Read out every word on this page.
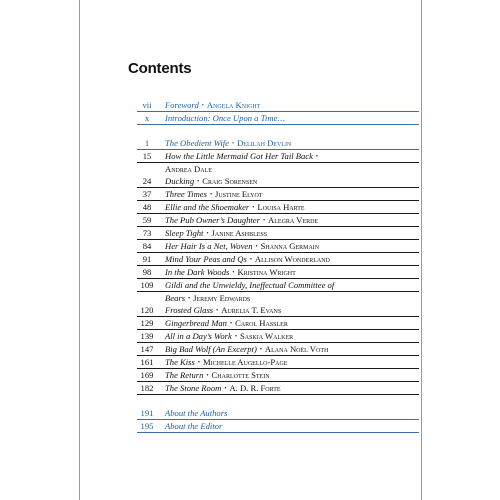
Contents
vii	Foreword • Angela Knight
x	Introduction: Once Upon a Time…
1	The Obedient Wife • Delilah Devlin
15	How the Little Mermaid Got Her Tail Back •
Andrea Dale
24	Ducking • Craig Sorensen
37	Three Times • Justine Elyot
48	Ellie and the Shoemaker • Louisa Harte
59	The Pub Owner’s Daughter • Alegra Verde
73	Sleep Tight • Janine Ashbless
84	Her Hair Is a Net, Woven • Shanna Germain
91	Mind Your Peas and Qs • Allison Wonderland
98	In the Dark Woods • Kristina Wright
109	Gildi and the Unwieldy, Ineffectual Committee of
Bears • Jeremy Edwards
120	Frosted Glass • Aurelia T. Evans
129	Gingerbread Man • Carol Hassler
139	All in a Day’s Work • Saskia Walker
147	Big Bad Wolf (An Excerpt) • Alana Noël Voth
161	The Kiss • Michelle Augello-Page
169	The Return • Charlotte Stein
182	The Stone Room • A. D. R. Forte
191	About the Authors
195	About the Editor
